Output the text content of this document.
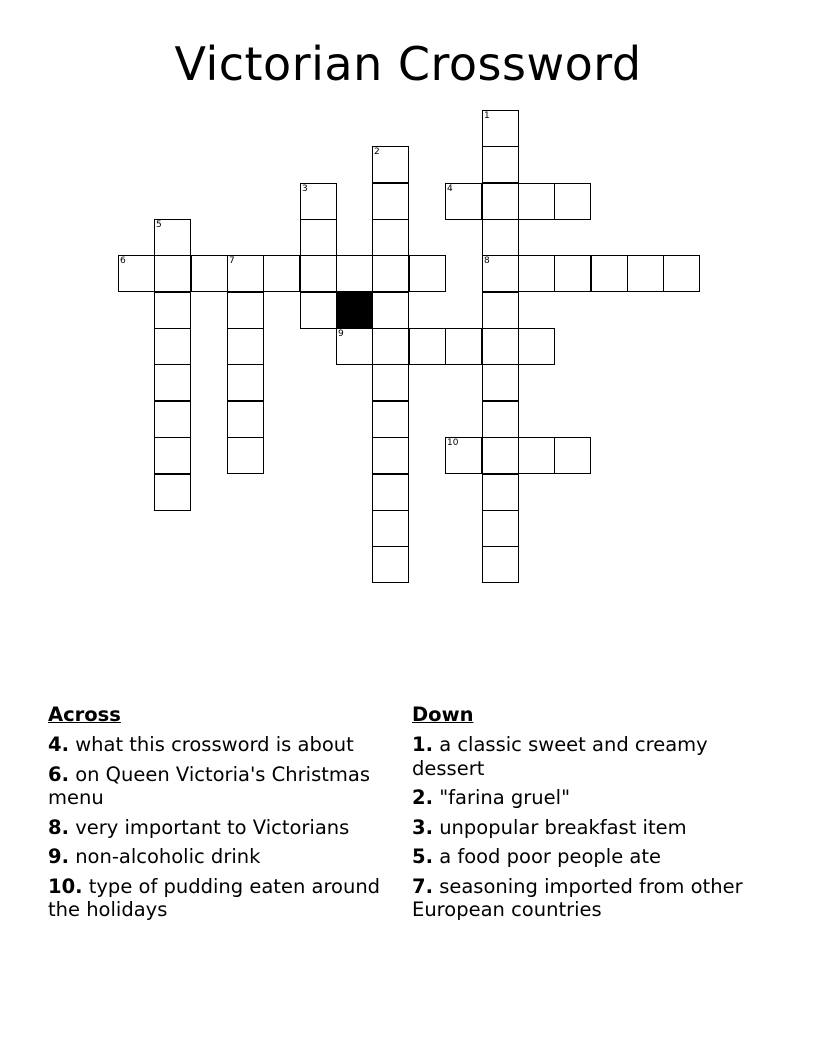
Victorian Crossword
1
8
2
3	4
5
6	7
9
10
Across
4. what this crossword is about
6. on Queen Victoria's Christmas menu
8. very important to Victorians
9. non-alcoholic drink
10. type of pudding eaten around the holidays
Down
1. a classic sweet and creamy dessert
2. "farina gruel"
3. unpopular breakfast item
5. a food poor people ate
7. seasoning imported from other European countries
